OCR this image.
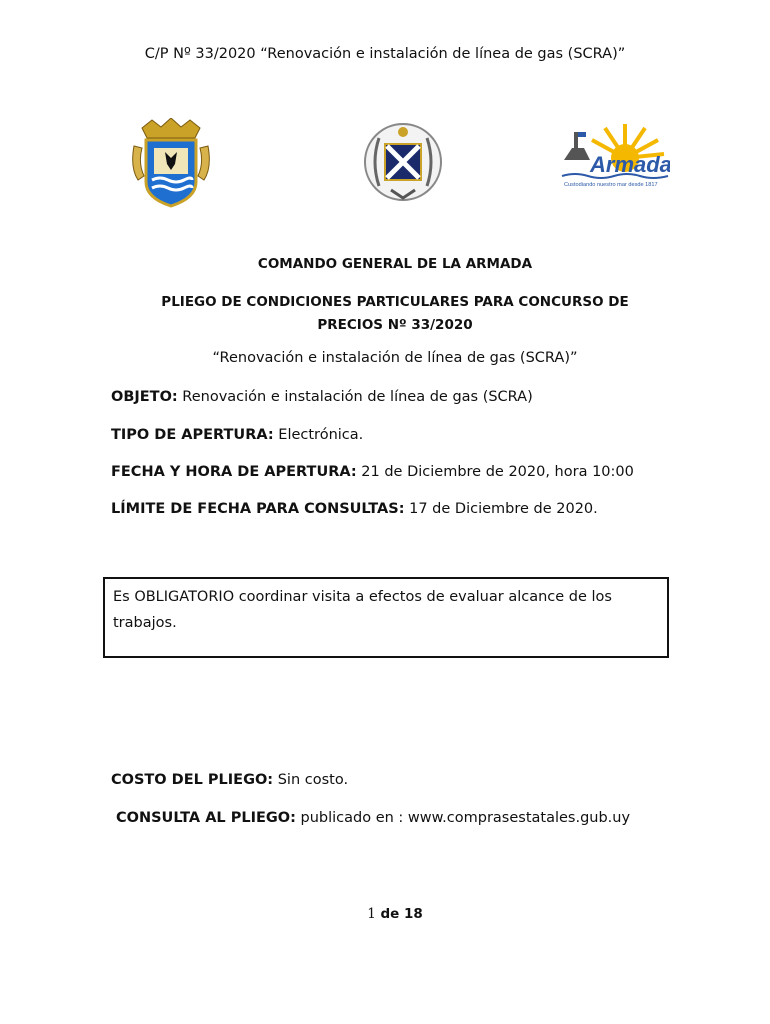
C/P Nº 33/2020 “Renovación e instalación de línea de gas (SCRA)”
Armada
Custodiando nuestro mar desde 1817
COMANDO GENERAL DE LA ARMADA
PLIEGO DE CONDICIONES PARTICULARES PARA CONCURSO DE
PRECIOS Nº 33/2020
“Renovación e instalación de línea de gas (SCRA)”
OBJETO: Renovación e instalación de línea de gas (SCRA)
TIPO DE APERTURA: Electrónica.
FECHA Y HORA DE APERTURA: 21 de Diciembre de 2020, hora 10:00
LÍMITE DE FECHA PARA CONSULTAS: 17 de Diciembre de 2020.
Es OBLIGATORIO coordinar visita a efectos de evaluar alcance de los trabajos.
COSTO DEL PLIEGO: Sin costo.
CONSULTA AL PLIEGO: publicado en : www.comprasestatales.gub.uy
1 de 18
